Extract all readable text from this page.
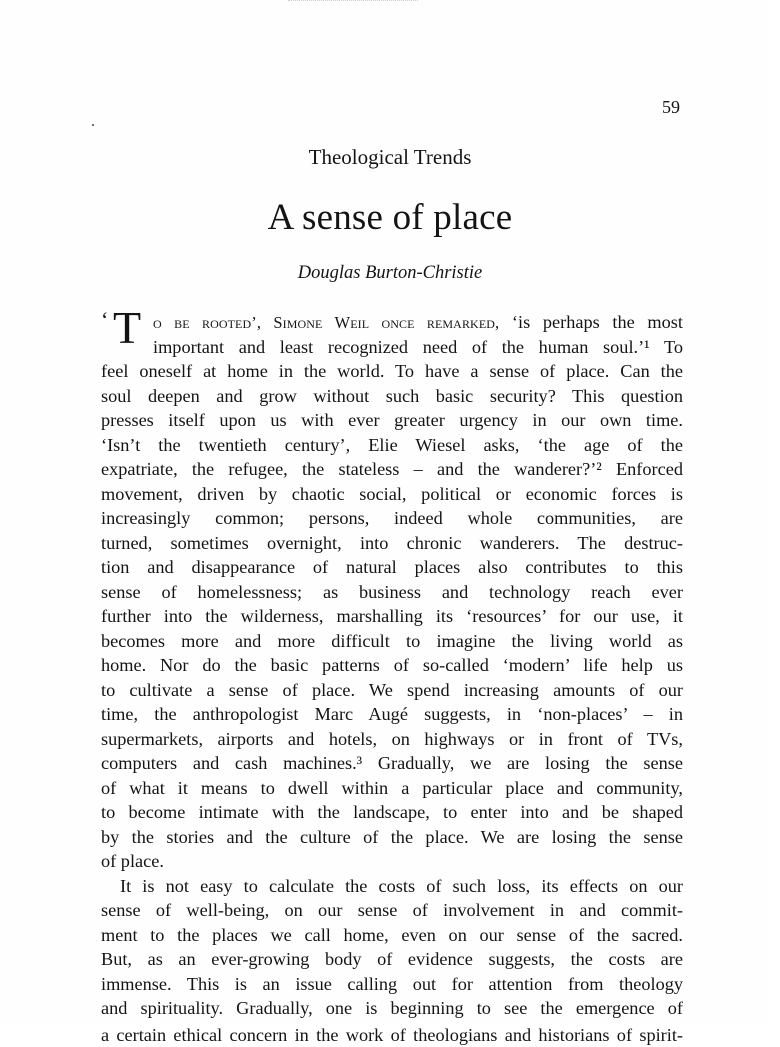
59
Theological Trends
A sense of place
Douglas Burton-Christie
‘ T o be rooted’, Simone Weil once remarked, ‘is perhaps the most
important and least recognized need of the human soul.’¹ To
feel oneself at home in the world. To have a sense of place. Can the
soul deepen and grow without such basic security? This question
presses itself upon us with ever greater urgency in our own time.
‘Isn’t the twentieth century’, Elie Wiesel asks, ‘the age of the
expatriate, the refugee, the stateless – and the wanderer?’² Enforced
movement, driven by chaotic social, political or economic forces is
increasingly common; persons, indeed whole communities, are
turned, sometimes overnight, into chronic wanderers. The destruc-
tion and disappearance of natural places also contributes to this
sense of homelessness; as business and technology reach ever
further into the wilderness, marshalling its ‘resources’ for our use, it
becomes more and more difficult to imagine the living world as
home. Nor do the basic patterns of so-called ‘modern’ life help us
to cultivate a sense of place. We spend increasing amounts of our
time, the anthropologist Marc Augé suggests, in ‘non-places’ – in
supermarkets, airports and hotels, on highways or in front of TVs,
computers and cash machines.³ Gradually, we are losing the sense
of what it means to dwell within a particular place and community,
to become intimate with the landscape, to enter into and be shaped
by the stories and the culture of the place. We are losing the sense
of place.
It is not easy to calculate the costs of such loss, its effects on our
sense of well-being, on our sense of involvement in and commit-
ment to the places we call home, even on our sense of the sacred.
But, as an ever-growing body of evidence suggests, the costs are
immense. This is an issue calling out for attention from theology
and spirituality. Gradually, one is beginning to see the emergence of
a certain ethical concern in the work of theologians and historians of spirit-
